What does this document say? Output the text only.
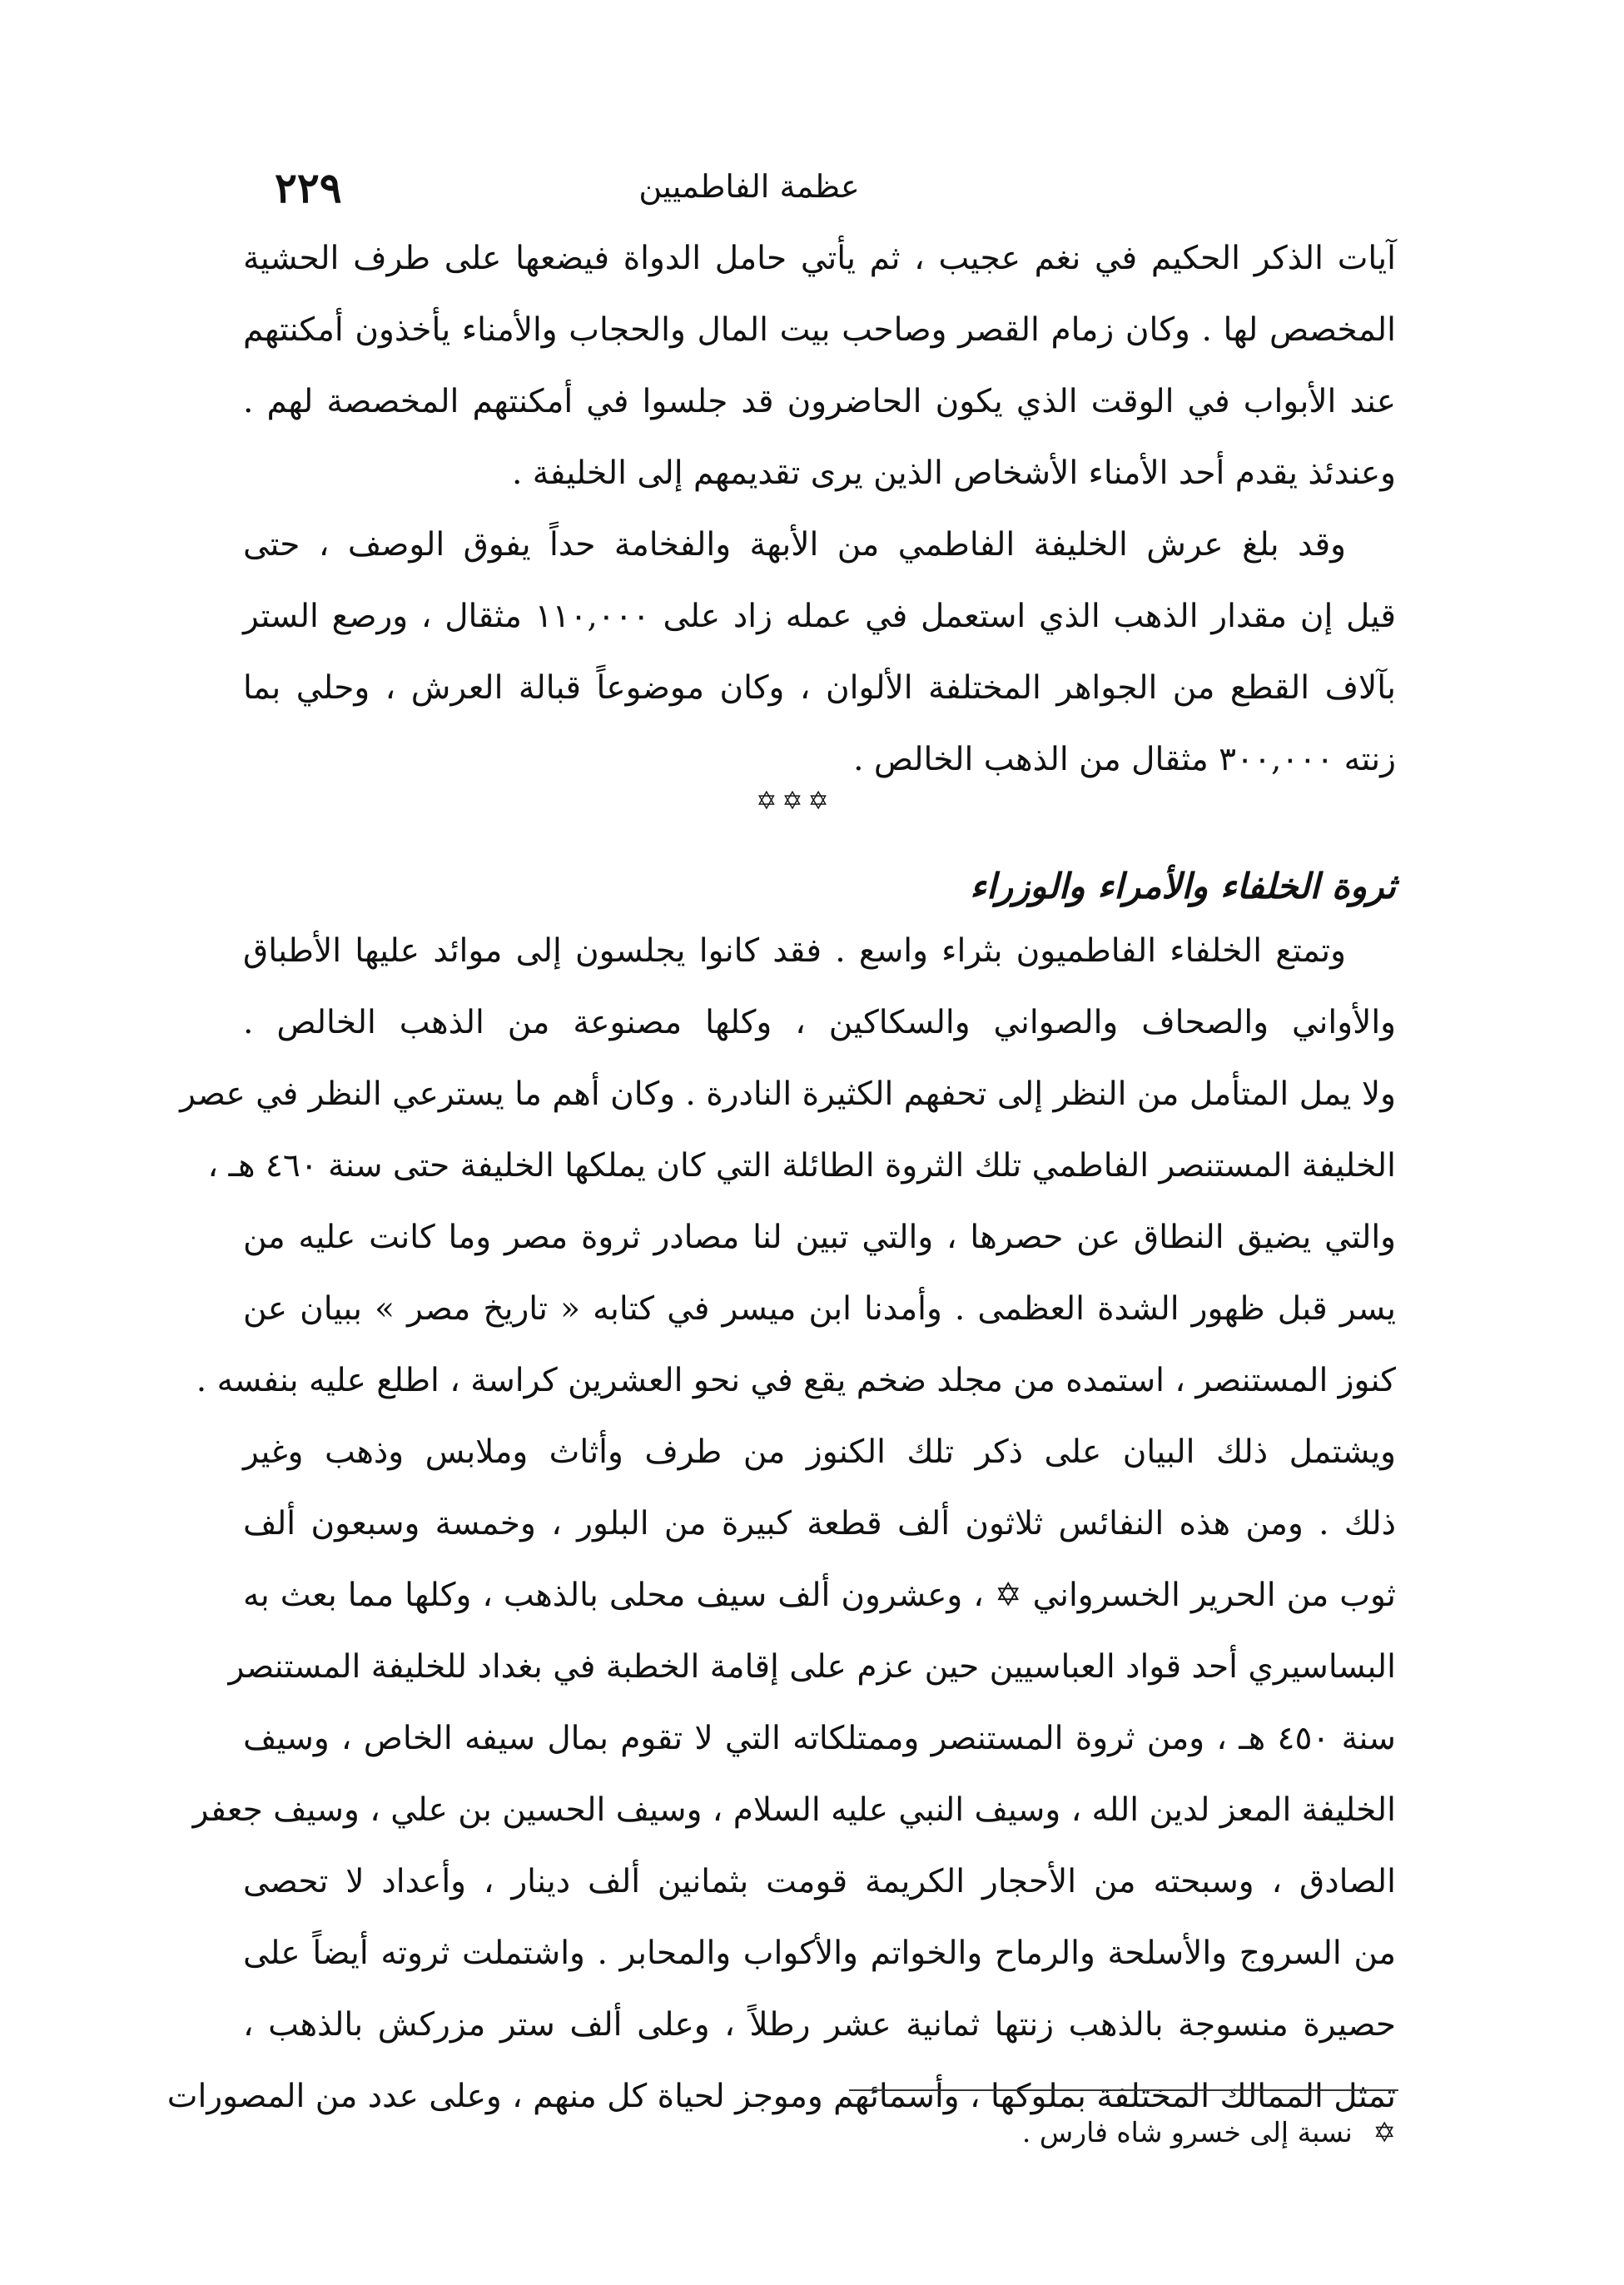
٢٢٩	عظمة الفاطميين
آيات الذكر الحكيم في نغم عجيب ، ثم يأتي حامل الدواة فيضعها على طرف الحشية
المخصص لها . وكان زمام القصر وصاحب بيت المال والحجاب والأمناء يأخذون أمكنتهم
عند الأبواب في الوقت الذي يكون الحاضرون قد جلسوا في أمكنتهم المخصصة لهم .
وعندئذ يقدم أحد الأمناء الأشخاص الذين يرى تقديمهم إلى الخليفة .
وقد بلغ عرش الخليفة الفاطمي من الأبهة والفخامة حداً يفوق الوصف ، حتى
قيل إن مقدار الذهب الذي استعمل في عمله زاد على ١١٠,٠٠٠ مثقال ، ورصع الستر
بآلاف القطع من الجواهر المختلفة الألوان ، وكان موضوعاً قبالة العرش ، وحلي بما
زنته ٣٠٠,٠٠٠ مثقال من الذهب الخالص .
✡✡✡
ثروة الخلفاء والأمراء والوزراء
وتمتع الخلفاء الفاطميون بثراء واسع . فقد كانوا يجلسون إلى موائد عليها الأطباق
والأواني والصحاف والصواني والسكاكين ، وكلها مصنوعة من الذهب الخالص .
ولا يمل المتأمل من النظر إلى تحفهم الكثيرة النادرة . وكان أهم ما يسترعي النظر في عصر
الخليفة المستنصر الفاطمي تلك الثروة الطائلة التي كان يملكها الخليفة حتى سنة ٤٦٠ هـ ،
والتي يضيق النطاق عن حصرها ، والتي تبين لنا مصادر ثروة مصر وما كانت عليه من
يسر قبل ظهور الشدة العظمى . وأمدنا ابن ميسر في كتابه « تاريخ مصر » ببيان عن
كنوز المستنصر ، استمده من مجلد ضخم يقع في نحو العشرين كراسة ، اطلع عليه بنفسه .
ويشتمل ذلك البيان على ذكر تلك الكنوز من طرف وأثاث وملابس وذهب وغير
ذلك . ومن هذه النفائس ثلاثون ألف قطعة كبيرة من البلور ، وخمسة وسبعون ألف
ثوب من الحرير الخسرواني ✡ ، وعشرون ألف سيف محلى بالذهب ، وكلها مما بعث به
البساسيري أحد قواد العباسيين حين عزم على إقامة الخطبة في بغداد للخليفة المستنصر
سنة ٤٥٠ هـ ، ومن ثروة المستنصر وممتلكاته التي لا تقوم بمال سيفه الخاص ، وسيف
الخليفة المعز لدين الله ، وسيف النبي عليه السلام ، وسيف الحسين بن علي ، وسيف جعفر
الصادق ، وسبحته من الأحجار الكريمة قومت بثمانين ألف دينار ، وأعداد لا تحصى
من السروج والأسلحة والرماح والخواتم والأكواب والمحابر . واشتملت ثروته أيضاً على
حصيرة منسوجة بالذهب زنتها ثمانية عشر رطلاً ، وعلى ألف ستر مزركش بالذهب ،
تمثل الممالك المختلفة بملوكها ، وأسمائهم وموجز لحياة كل منهم ، وعلى عدد من المصورات
✡ نسبة إلى خسرو شاه فارس .
